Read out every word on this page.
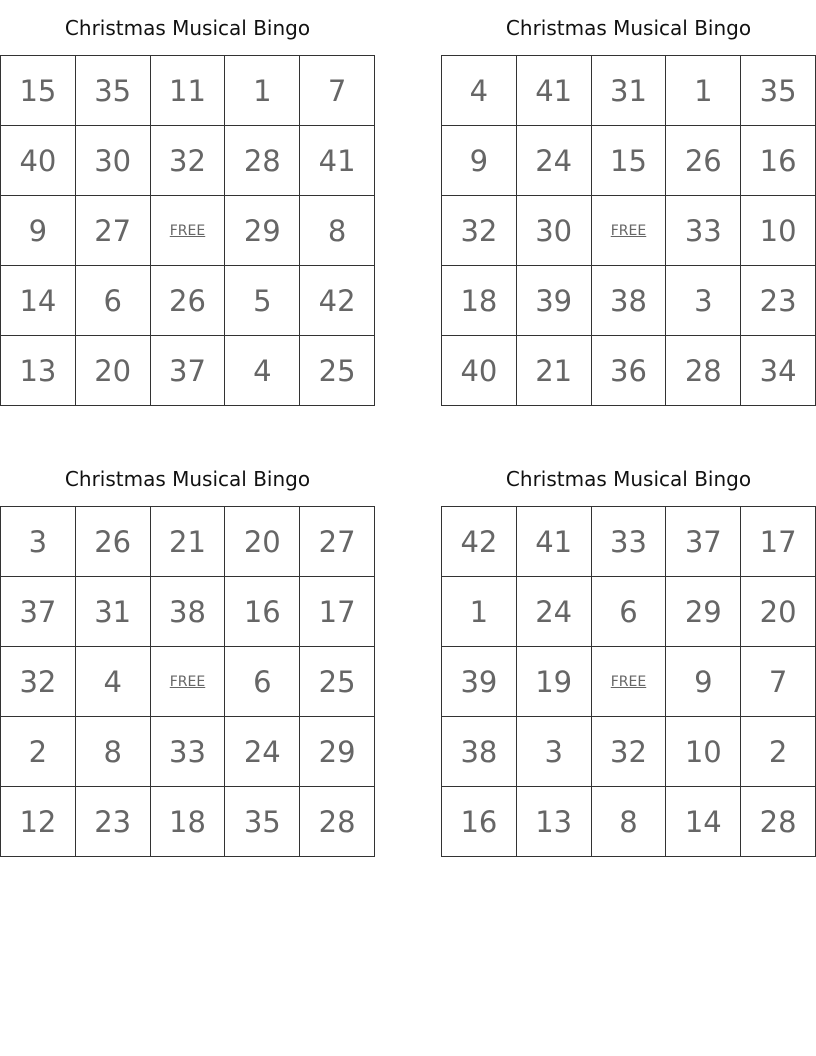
Christmas Musical Bingo
15	35	11	1	7
40	30	32	28	41
9	27	FREE	29	8
14	6	26	5	42
13	20	37	4	25
Christmas Musical Bingo
4	41	31	1	35
9	24	15	26	16
32	30	FREE	33	10
18	39	38	3	23
40	21	36	28	34
Christmas Musical Bingo
3	26	21	20	27
37	31	38	16	17
32	4	FREE	6	25
2	8	33	24	29
12	23	18	35	28
Christmas Musical Bingo
42	41	33	37	17
1	24	6	29	20
39	19	FREE	9	7
38	3	32	10	2
16	13	8	14	28
